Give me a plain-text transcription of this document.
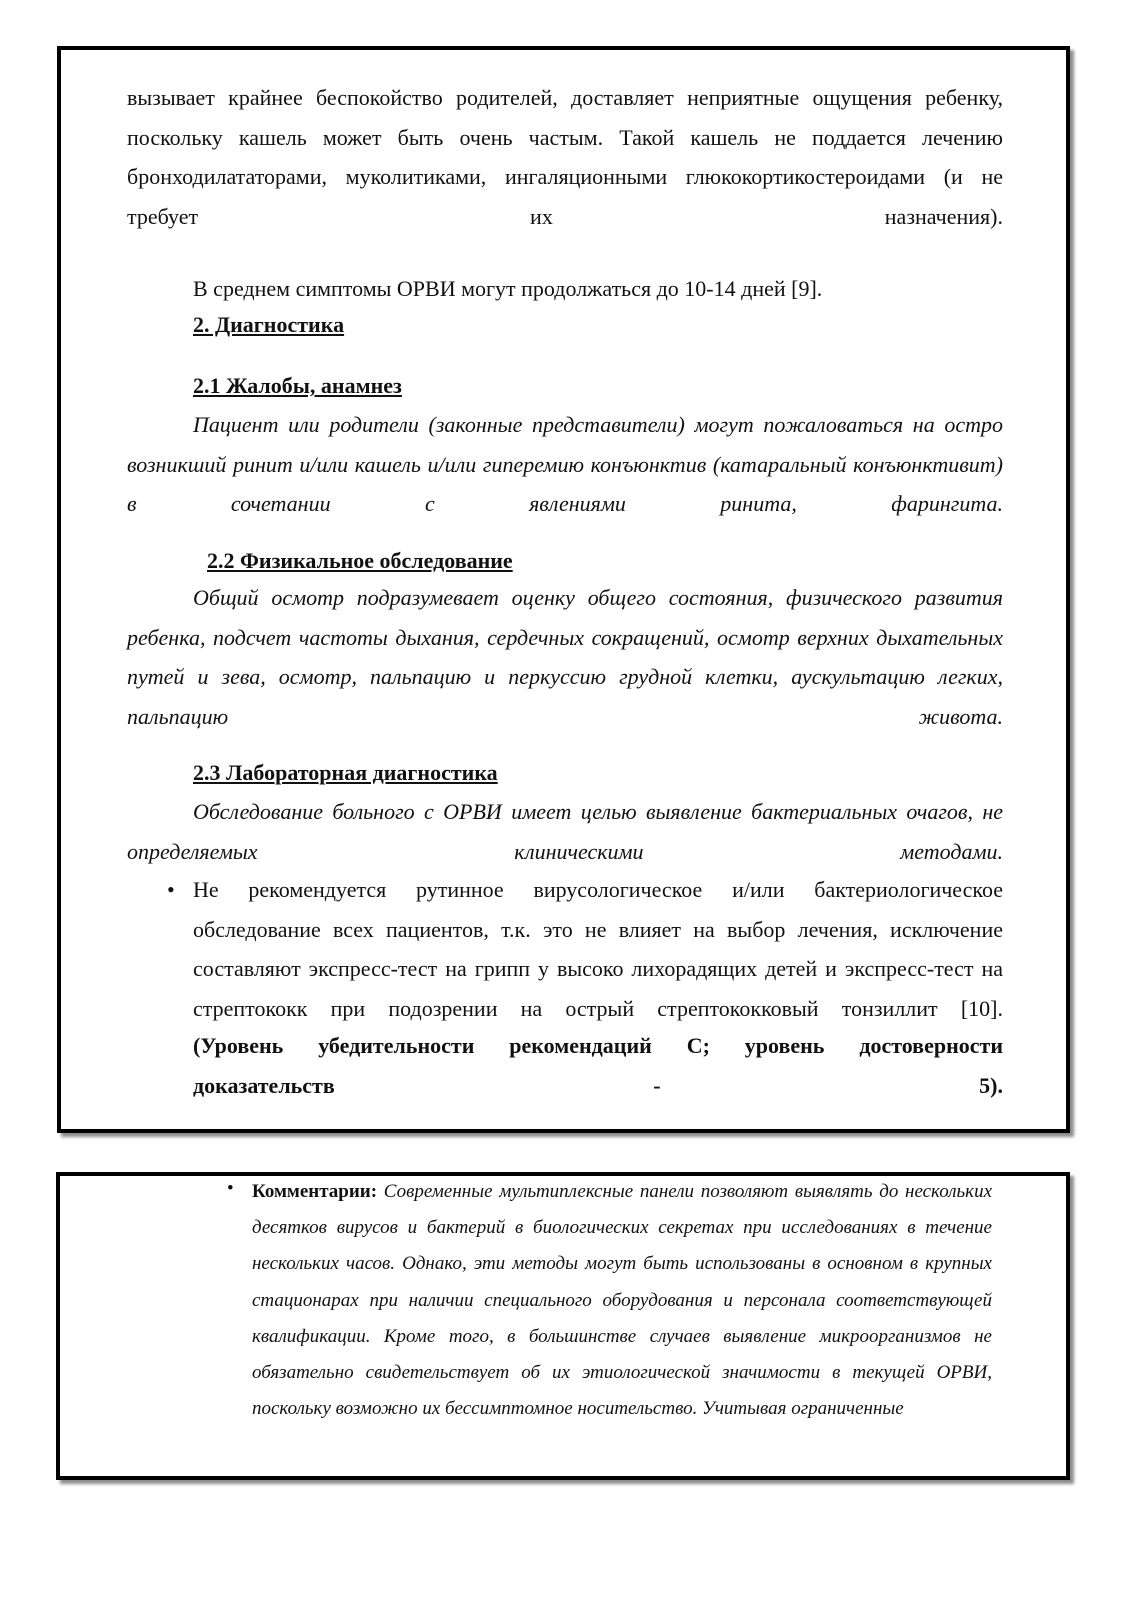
вызывает крайнее беспокойство родителей, доставляет неприятные ощущения ребенку, поскольку кашель может быть очень частым. Такой кашель не поддается лечению бронходилататорами, муколитиками, ингаляционными глюкокортикостероидами (и не требует их назначения).

В среднем симптомы ОРВИ могут продолжаться до 10-14 дней [9].

2. Диагностика
2.1 Жалобы, анамнез

Пациент или родители (законные представители) могут пожаловаться на остро возникший ринит и/или кашель и/или гиперемию конъюнктив (катаральный конъюнктивит) в сочетании с явлениями ринита, фарингита.

2.2 Физикальное обследование

Общий осмотр подразумевает оценку общего состояния, физического развития ребенка, подсчет частоты дыхания, сердечных сокращений, осмотр верхних дыхательных путей и зева, осмотр, пальпацию и перкуссию грудной клетки, аускультацию легких, пальпацию живота.

2.3 Лабораторная диагностика

Обследование больного с ОРВИ имеет целью выявление бактериальных очагов, не определяемых клиническими методами.

• Не рекомендуется рутинное вирусологическое и/или бактериологическое обследование всех пациентов, т.к. это не влияет на выбор лечения, исключение составляют экспресс-тест на грипп у высоко лихорадящих детей и экспресс-тест на стрептококк при подозрении на острый стрептококковый тонзиллит [10].

(Уровень убедительности рекомендаций С; уровень достоверности доказательств - 5).

• Комментарии: Современные мультиплексные панели позволяют выявлять до нескольких десятков вирусов и бактерий в биологических секретах при исследованиях в течение нескольких часов. Однако, эти методы могут быть использованы в основном в крупных стационарах при наличии специального оборудования и персонала соответствующей квалификации. Кроме того, в большинстве случаев выявление микроорганизмов не обязательно свидетельствует об их этиологической значимости в текущей ОРВИ, поскольку возможно их бессимптомное носительство. Учитывая ограниченные
